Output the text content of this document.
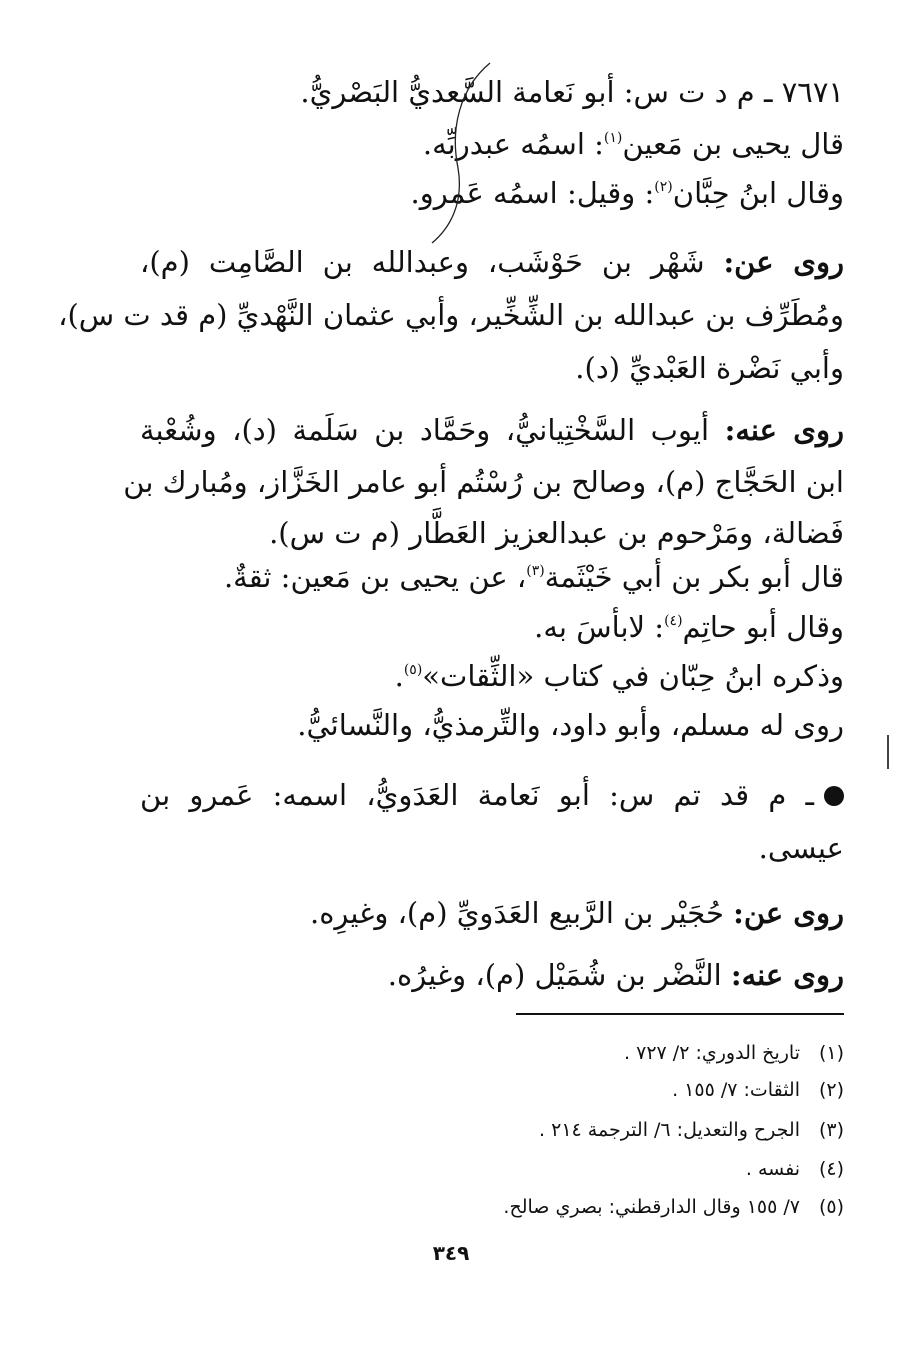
٧٦٧١ ـ م د ت س: أبو نَعامة السَّعديُّ البَصْريُّ.
قال يحيى بن مَعين$^{(١)}$: اسمُه عبدربِّه.
وقال ابنُ حِبَّان$^{(٢)}$: وقيل: اسمُه عَمرو.
روى عن: شَهْر بن حَوْشَب، وعبدالله بن الصَّامِت (م)،
ومُطَرِّف بن عبدالله بن الشِّخِّير، وأبي عثمان النَّهْديِّ (م قد ت س)،
وأبي نَضْرة العَبْديِّ (د).
روى عنه: أيوب السَّخْتِيانيُّ، وحَمَّاد بن سَلَمة (د)، وشُعْبة
ابن الحَجَّاج (م)، وصالح بن رُسْتُم أبو عامر الخَزَّاز، ومُبارك بن
فَضالة، ومَرْحوم بن عبدالعزيز العَطَّار (م ت س).
قال أبو بكر بن أبي خَيْثَمة$^{(٣)}$، عن يحيى بن مَعين: ثقةٌ.
وقال أبو حاتِم$^{(٤)}$: لابأسَ به.
وذكره ابنُ حِبّان في كتاب «الثِّقات»$^{(٥)}$.
روى له مسلم، وأبو داود، والتِّرمذيُّ، والنَّسائيُّ.
ـ م قد تم س: أبو نَعامة العَدَويُّ، اسمه: عَمرو بن
عيسى.
روى عن: حُجَيْر بن الرَّبيع العَدَويِّ (م)، وغيرِه.
روى عنه: النَّضْر بن شُمَيْل (م)، وغيرُه.
(١)تاريخ الدوري: ٢/ ٧٢٧ .
(٢)الثقات: ٧/ ١٥٥ .
(٣)الجرح والتعديل: ٦/ الترجمة ٢١٤ .
(٤)نفسه .
(٥)٧/ ١٥٥ وقال الدارقطني: بصري صالح.
٣٤٩
